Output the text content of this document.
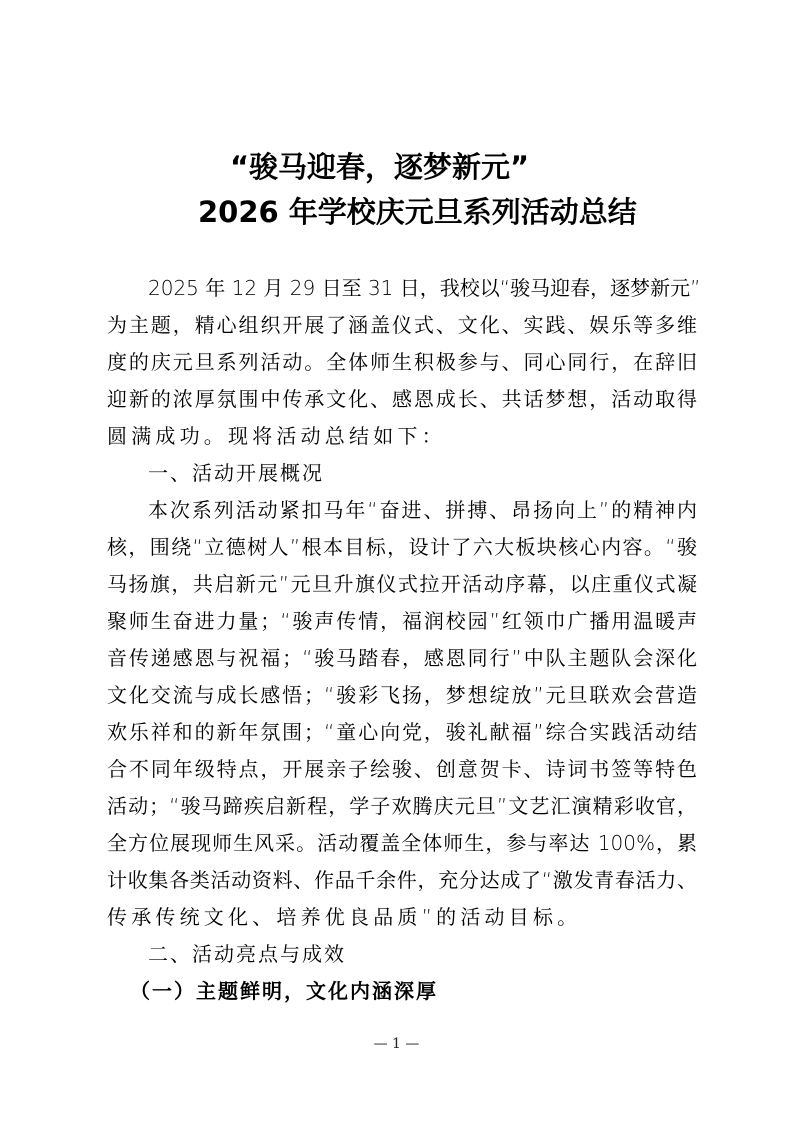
“骏马迎春，逐梦新元”
2026 年学校庆元旦系列活动总结
2025 年 12 月 29 日至 31 日，我校以“骏马迎春，逐梦新元”
为主题，精心组织开展了涵盖仪式、文化、实践、娱乐等多维
度的庆元旦系列活动。全体师生积极参与、同心同行，在辞旧
迎新的浓厚氛围中传承文化、感恩成长、共话梦想，活动取得
圆满成功。现将活动总结如下：
一、活动开展概况
本次系列活动紧扣马年“奋进、拼搏、昂扬向上”的精神内
核，围绕“立德树人”根本目标，设计了六大板块核心内容。“骏
马扬旗，共启新元”元旦升旗仪式拉开活动序幕，以庄重仪式凝
聚师生奋进力量；“骏声传情，福润校园”红领巾广播用温暖声
音传递感恩与祝福；“骏马踏春，感恩同行”中队主题队会深化
文化交流与成长感悟；“骏彩飞扬，梦想绽放”元旦联欢会营造
欢乐祥和的新年氛围；“童心向党，骏礼献福”综合实践活动结
合不同年级特点，开展亲子绘骏、创意贺卡、诗词书签等特色
活动；“骏马蹄疾启新程，学子欢腾庆元旦”文艺汇演精彩收官，
全方位展现师生风采。活动覆盖全体师生，参与率达 100%，累
计收集各类活动资料、作品千余件，充分达成了“激发青春活力、
传承传统文化、培养优良品质”的活动目标。
二、活动亮点与成效
（一）主题鲜明，文化内涵深厚
— 1 —
